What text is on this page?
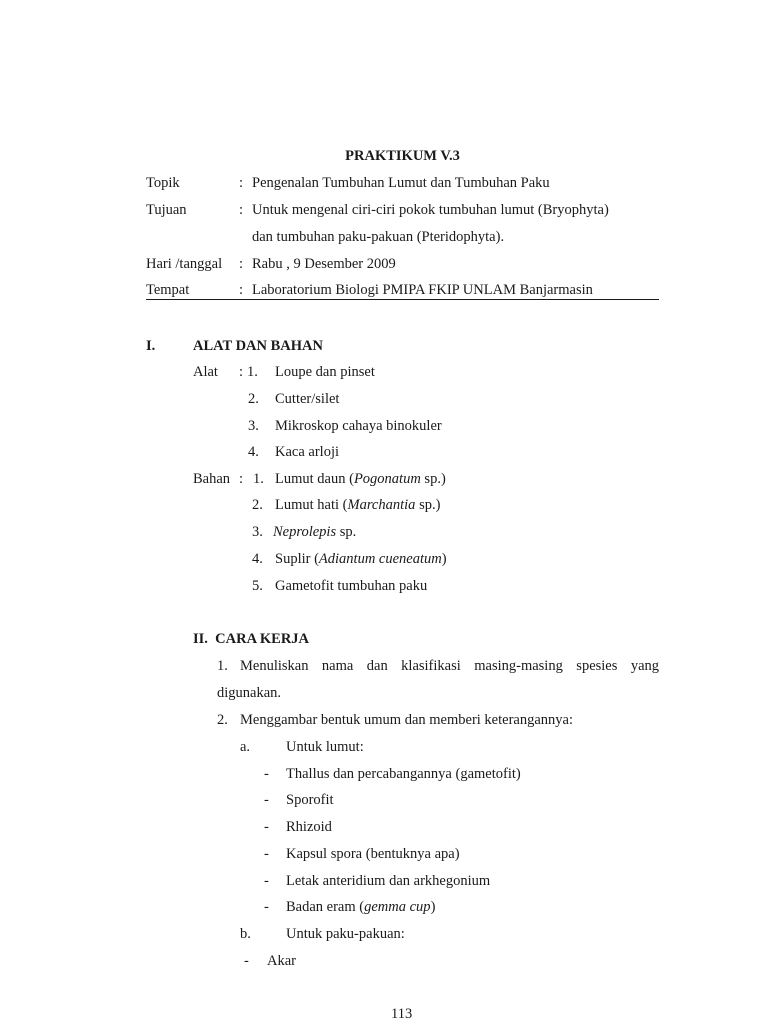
PRAKTIKUM V.3
Topik	: Pengenalan Tumbuhan Lumut dan Tumbuhan Paku
Tujuan	: Untuk mengenal ciri-ciri pokok tumbuhan lumut (Bryophyta)
dan tumbuhan paku-pakuan (Pteridophyta).
Hari /tanggal : Rabu , 9 Desember 2009
Tempat	: Laboratorium Biologi PMIPA FKIP UNLAM Banjarmasin
I.	ALAT DAN BAHAN
Alat : 1. Loupe dan pinset
2. Cutter/silet
3. Mikroskop cahaya binokuler
4. Kaca arloji
Bahan : 1. Lumut daun (Pogonatum sp.)
2. Lumut hati (Marchantia sp.)
3. Neprolepis sp.
4. Suplir (Adiantum cueneatum)
5. Gametofit tumbuhan paku
II.  CARA KERJA
1. Menuliskan nama dan klasifikasi masing-masing spesies yang
digunakan.
2. Menggambar bentuk umum dan memberi keterangannya:
a. Untuk lumut:
- Thallus dan percabangannya (gametofit)
- Sporofit
- Rhizoid
- Kapsul spora (bentuknya apa)
- Letak anteridium dan arkhegonium
- Badan eram (gemma cup)
b. Untuk paku-pakuan:
- Akar
113
